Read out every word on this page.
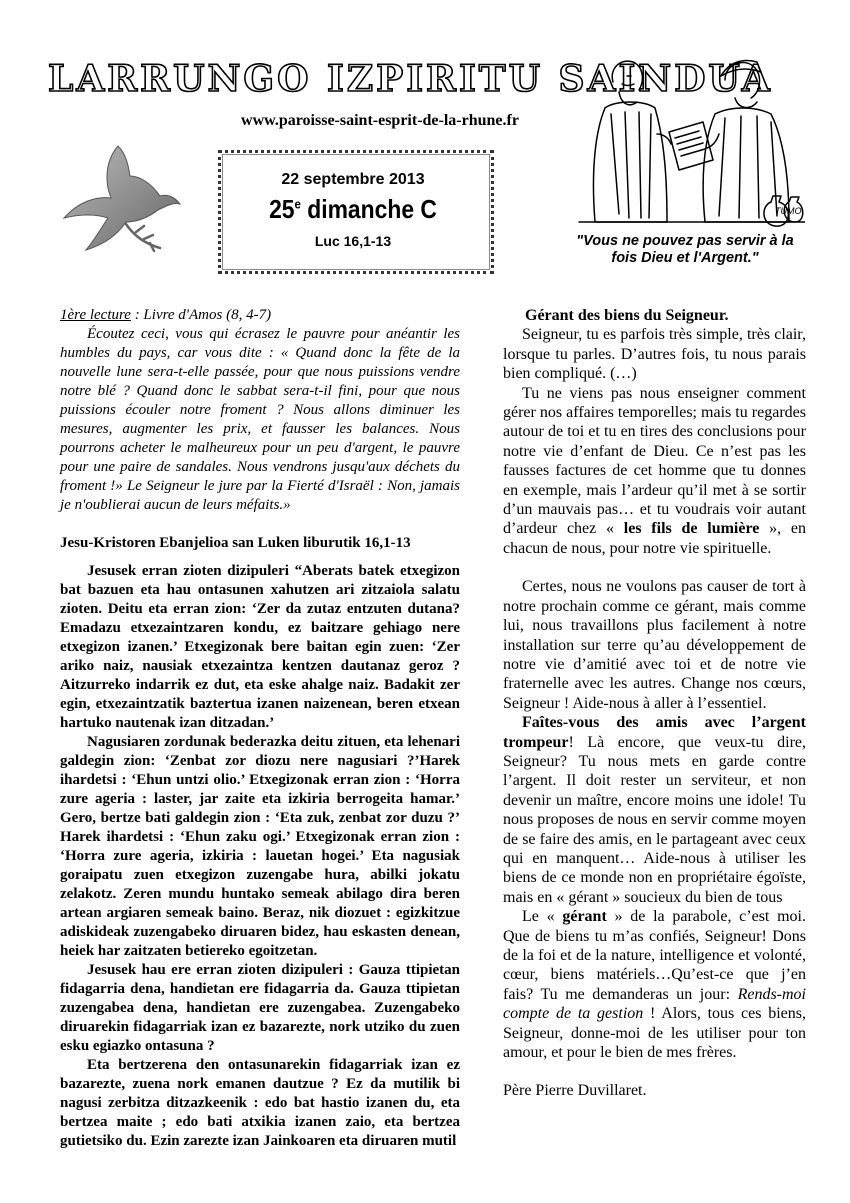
LARRUNGO IZPIRITU SAINDUA
www.paroisse-saint-esprit-de-la-rhune.fr
22 septembre 2013
25e dimanche C
Luc 16,1-13
TUMO
"Vous ne pouvez pas servir à la fois Dieu et l'Argent."

1ère lecture : Livre d'Amos (8, 4-7)

Écoutez ceci, vous qui écrasez le pauvre pour anéantir les humbles du pays, car vous dite : « Quand donc la fête de la nouvelle lune sera-t-elle passée, pour que nous puissions vendre notre blé ? Quand donc le sabbat sera-t-il fini, pour que nous puissions écouler notre froment ? Nous allons diminuer les mesures, augmenter les prix, et fausser les balances. Nous pourrons acheter le malheureux pour un peu d'argent, le pauvre pour une paire de sandales. Nous vendrons jusqu'aux déchets du froment !» Le Seigneur le jure par la Fierté d'Israël : Non, jamais je n'oublierai aucun de leurs méfaits.»

Jesu-Kristoren Ebanjelioa san Luken liburutik 16,1-13

Jesusek erran zioten dizipuleri “Aberats batek etxegizon bat bazuen eta hau ontasunen xahutzen ari zitzaiola salatu zioten. Deitu eta erran zion: ‘Zer da zutaz entzuten dutana? Emadazu etxezaintzaren kondu, ez baitzare gehiago nere etxegizon izanen.’ Etxegizonak bere baitan egin zuen: ‘Zer ariko naiz, nausiak etxezaintza kentzen dautanaz geroz ? Aitzurreko indarrik ez dut, eta eske ahalge naiz. Badakit zer egin, etxezaintzatik baztertua izanen naizenean, beren etxean hartuko nautenak izan ditzadan.’

Nagusiaren zordunak bederazka deitu zituen, eta lehenari galdegin zion: ‘Zenbat zor diozu nere nagusiari ?’Harek ihardetsi : ‘Ehun untzi olio.’ Etxegizonak erran zion : ‘Horra zure ageria : laster, jar zaite eta izkiria berrogeita hamar.’ Gero, bertze bati galdegin zion : ‘Eta zuk, zenbat zor duzu ?’ Harek ihardetsi : ‘Ehun zaku ogi.’ Etxegizonak erran zion : ‘Horra zure ageria, izkiria : lauetan hogei.’ Eta nagusiak goraipatu zuen etxegizon zuzengabe hura, abilki jokatu zelakotz. Zeren mundu huntako semeak abilago dira beren artean argiaren semeak baino. Beraz, nik diozuet : egizkitzue adiskideak zuzengabeko diruaren bidez, hau eskasten denean, heiek har zaitzaten betiereko egoitzetan.

Jesusek hau ere erran zioten dizipuleri : Gauza ttipietan fidagarria dena, handietan ere fidagarria da. Gauza ttipietan zuzengabea dena, handietan ere zuzengabea. Zuzengabeko diruarekin fidagarriak izan ez bazarezte, nork utziko du zuen esku egiazko ontasuna ?

Eta bertzerena den ontasunarekin fidagarriak izan ez bazarezte, zuena nork emanen dautzue ? Ez da mutilik bi nagusi zerbitza ditzazkeenik : edo bat hastio izanen du, eta bertzea maite ; edo bati atxikia izanen zaio, eta bertzea gutietsiko du. Ezin zarezte izan Jainkoaren eta diruaren mutil

Gérant des biens du Seigneur.

Seigneur, tu es parfois très simple, très clair, lorsque tu parles. D’autres fois, tu nous parais bien compliqué. (…)

Tu ne viens pas nous enseigner comment gérer nos affaires temporelles; mais tu regardes autour de toi et tu en tires des conclusions pour notre vie d’enfant de Dieu. Ce n’est pas les fausses factures de cet homme que tu donnes en exemple, mais l’ardeur qu’il met à se sortir d’un mauvais pas… et tu voudrais voir autant d’ardeur chez « les fils de lumière », en chacun de nous, pour notre vie spirituelle.

Certes, nous ne voulons pas causer de tort à notre prochain comme ce gérant, mais comme lui, nous travaillons plus facilement à notre installation sur terre qu’au développement de notre vie d’amitié avec toi et de notre vie fraternelle avec les autres. Change nos cœurs, Seigneur ! Aide-nous à aller à l’essentiel.

Faîtes-vous des amis avec l’argent trompeur! Là encore, que veux-tu dire, Seigneur? Tu nous mets en garde contre l’argent. Il doit rester un serviteur, et non devenir un maître, encore moins une idole! Tu nous proposes de nous en servir comme moyen de se faire des amis, en le partageant avec ceux qui en manquent… Aide-nous à utiliser les biens de ce monde non en propriétaire égoïste, mais en « gérant » soucieux du bien de tous

Le « gérant » de la parabole, c’est moi. Que de biens tu m’as confiés, Seigneur! Dons de la foi et de la nature, intelligence et volonté, cœur, biens matériels…Qu’est-ce que j’en fais? Tu me demanderas un jour: Rends-moi compte de ta gestion ! Alors, tous ces biens, Seigneur, donne-moi de les utiliser pour ton amour, et pour le bien de mes frères.

Père Pierre Duvillaret.
